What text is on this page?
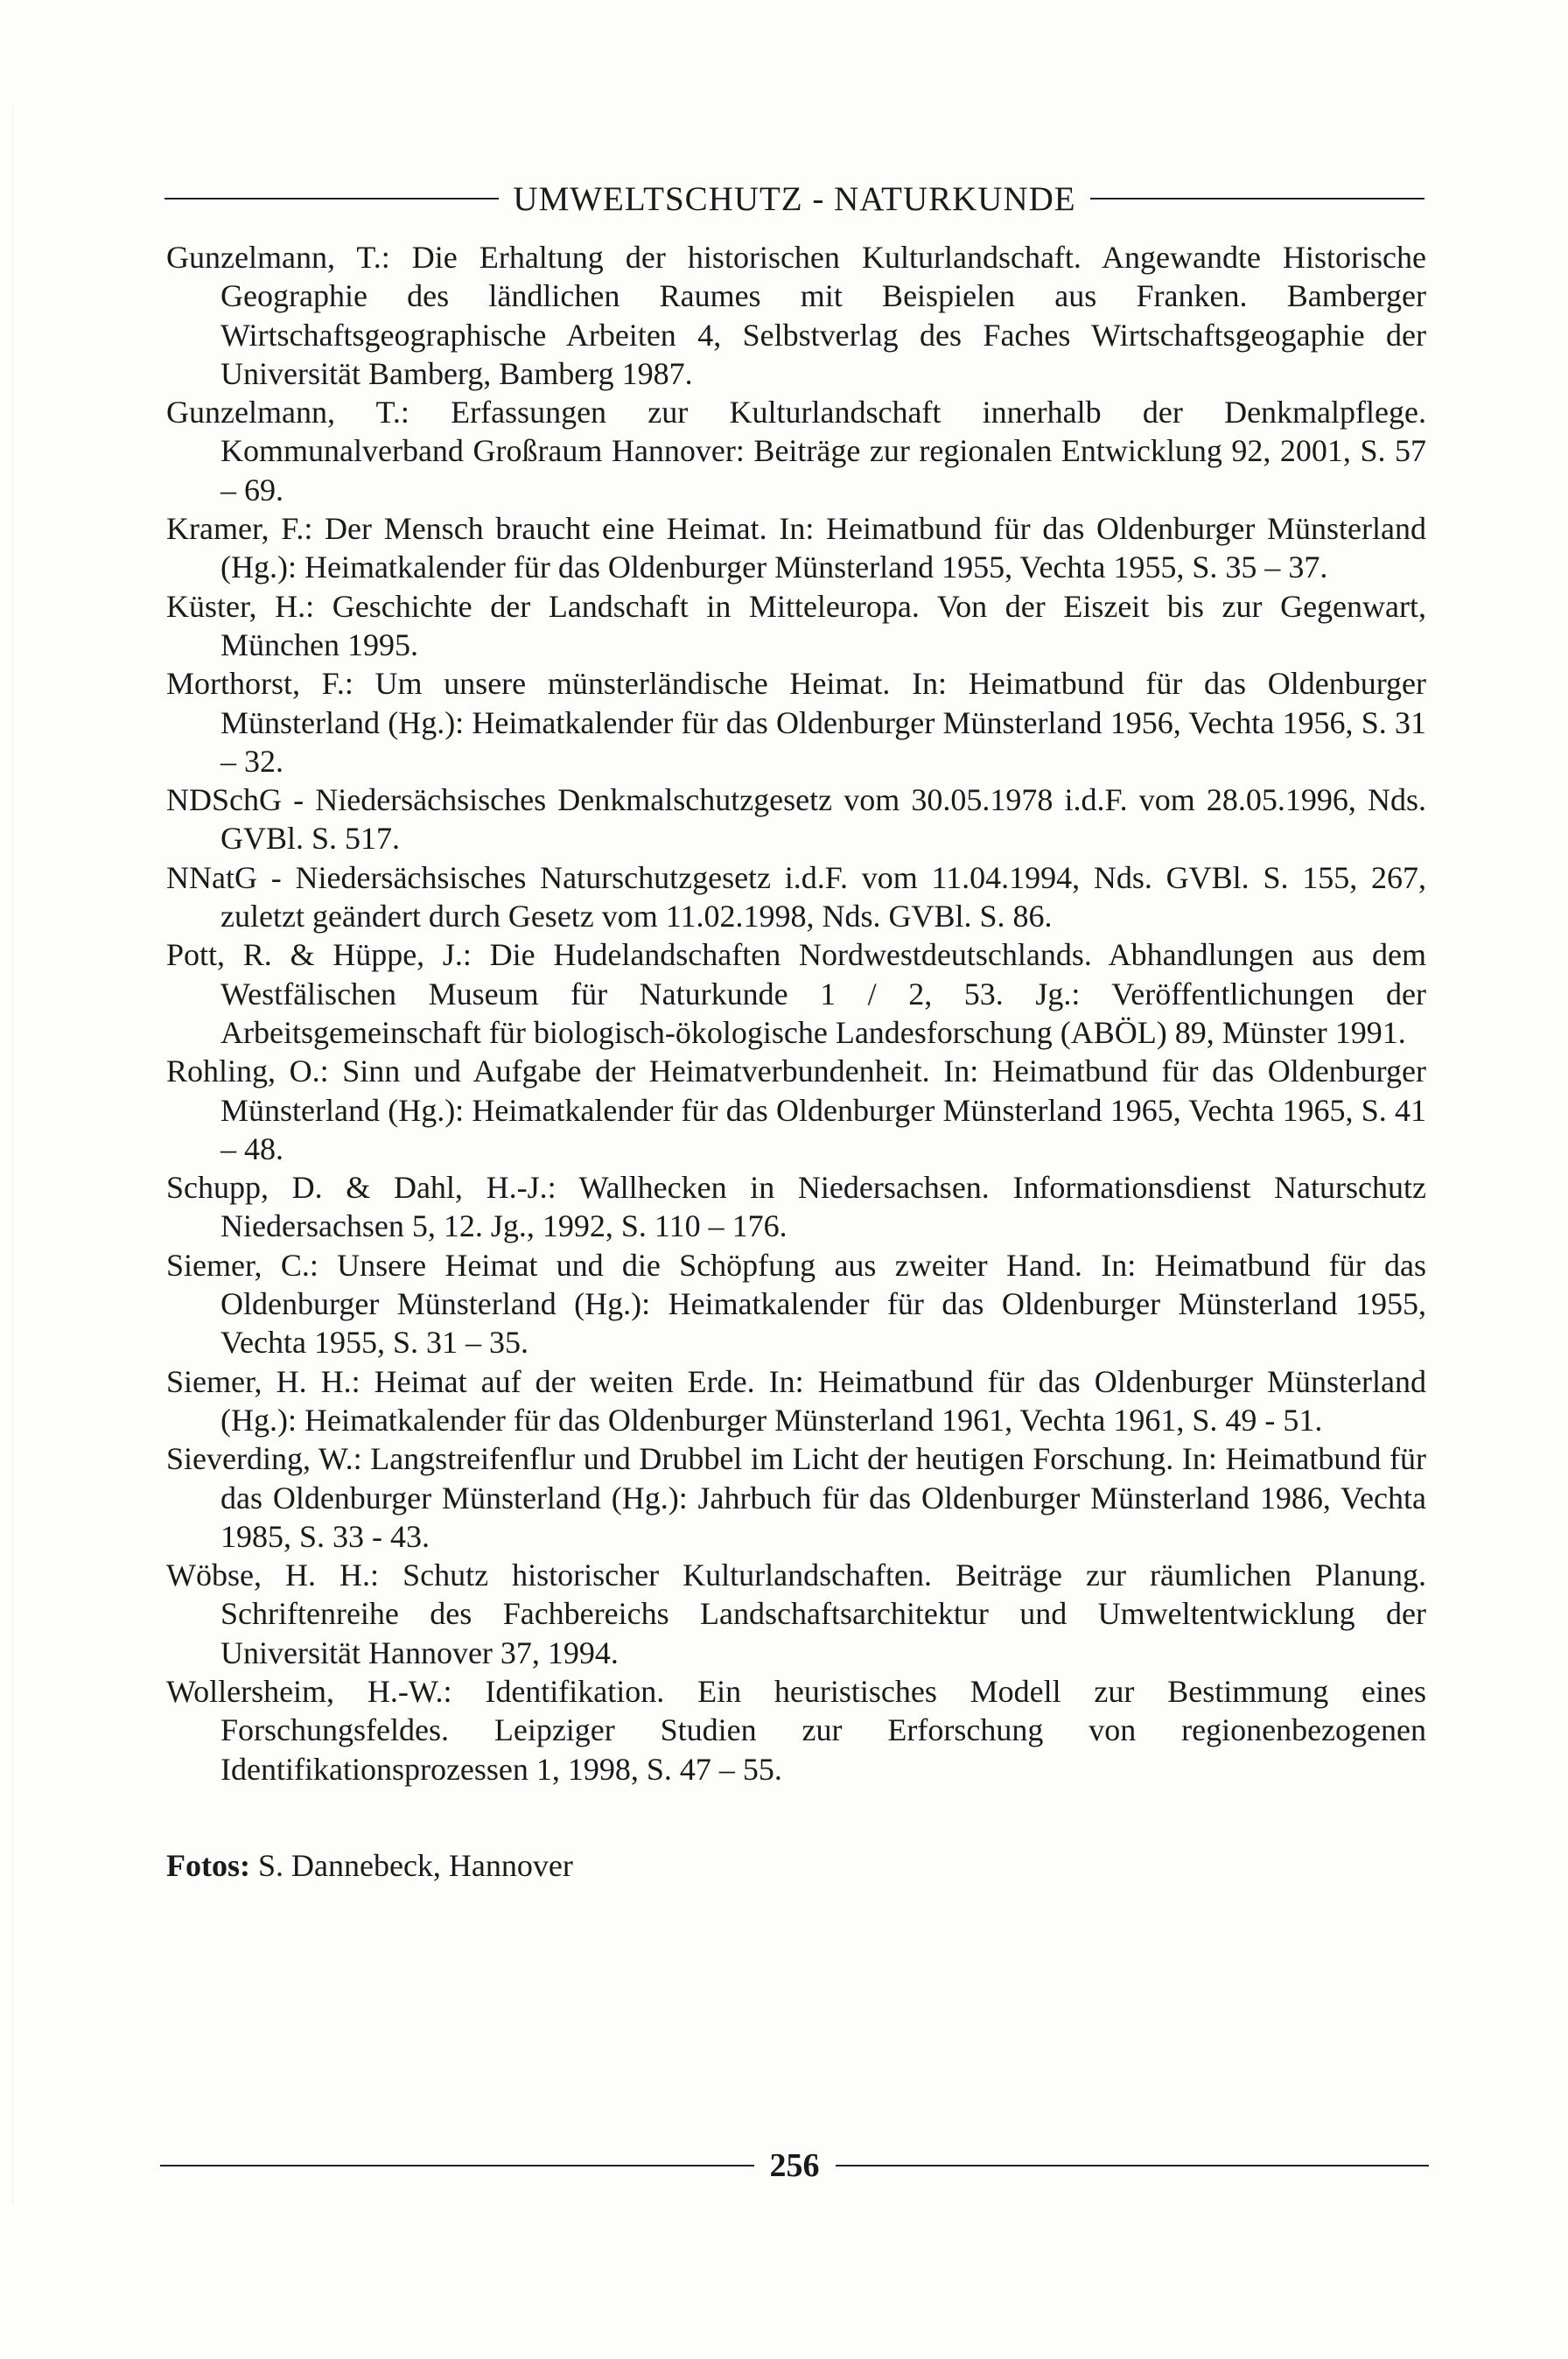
UMWELTSCHUTZ - NATURKUNDE

Gunzelmann, T.: Die Erhaltung der historischen Kulturlandschaft. Angewandte Historische Geographie des ländlichen Raumes mit Beispielen aus Franken. Bamberger Wirtschaftsgeographische Arbeiten 4, Selbstverlag des Faches Wirtschaftsgeogaphie der Universität Bamberg, Bamberg 1987.

Gunzelmann, T.: Erfassungen zur Kulturlandschaft innerhalb der Denkmalpflege. Kommunalverband Großraum Hannover: Beiträge zur regionalen Entwicklung 92, 2001, S. 57 – 69.

Kramer, F.: Der Mensch braucht eine Heimat. In: Heimatbund für das Oldenburger Münsterland (Hg.): Heimatkalender für das Oldenburger Münsterland 1955, Vechta 1955, S. 35 – 37.

Küster, H.: Geschichte der Landschaft in Mitteleuropa. Von der Eiszeit bis zur Gegenwart, München 1995.

Morthorst, F.: Um unsere münsterländische Heimat. In: Heimatbund für das Oldenburger Münsterland (Hg.): Heimatkalender für das Oldenburger Münsterland 1956, Vechta 1956, S. 31 – 32.

NDSchG - Niedersächsisches Denkmalschutzgesetz vom 30.05.1978 i.d.F. vom 28.05.1996, Nds. GVBl. S. 517.

NNatG - Niedersächsisches Naturschutzgesetz i.d.F. vom 11.04.1994, Nds. GVBl. S. 155, 267, zuletzt geändert durch Gesetz vom 11.02.1998, Nds. GVBl. S. 86.

Pott, R. & Hüppe, J.: Die Hudelandschaften Nordwestdeutschlands. Abhandlungen aus dem Westfälischen Museum für Naturkunde 1 / 2, 53. Jg.: Veröffentlichungen der Arbeitsgemeinschaft für biologisch-ökologische Landesforschung (ABÖL) 89, Münster 1991.

Rohling, O.: Sinn und Aufgabe der Heimatverbundenheit. In: Heimatbund für das Oldenburger Münsterland (Hg.): Heimatkalender für das Oldenburger Münsterland 1965, Vechta 1965, S. 41 – 48.

Schupp, D. & Dahl, H.-J.: Wallhecken in Niedersachsen. Informationsdienst Naturschutz Niedersachsen 5, 12. Jg., 1992, S. 110 – 176.

Siemer, C.: Unsere Heimat und die Schöpfung aus zweiter Hand. In: Heimatbund für das Oldenburger Münsterland (Hg.): Heimatkalender für das Oldenburger Münsterland 1955, Vechta 1955, S. 31 – 35.

Siemer, H. H.: Heimat auf der weiten Erde. In: Heimatbund für das Oldenburger Münsterland (Hg.): Heimatkalender für das Oldenburger Münsterland 1961, Vechta 1961, S. 49 - 51.

Sieverding, W.: Langstreifenflur und Drubbel im Licht der heutigen Forschung. In: Heimatbund für das Oldenburger Münsterland (Hg.): Jahrbuch für das Oldenburger Münsterland 1986, Vechta 1985, S. 33 - 43.

Wöbse, H. H.: Schutz historischer Kulturlandschaften. Beiträge zur räumlichen Planung. Schriftenreihe des Fachbereichs Landschaftsarchitektur und Umweltentwicklung der Universität Hannover 37, 1994.

Wollersheim, H.-W.: Identifikation. Ein heuristisches Modell zur Bestimmung eines Forschungsfeldes. Leipziger Studien zur Erforschung von regionenbezogenen Identifikationsprozessen 1, 1998, S. 47 – 55.

Fotos: S. Dannebeck, Hannover
256
